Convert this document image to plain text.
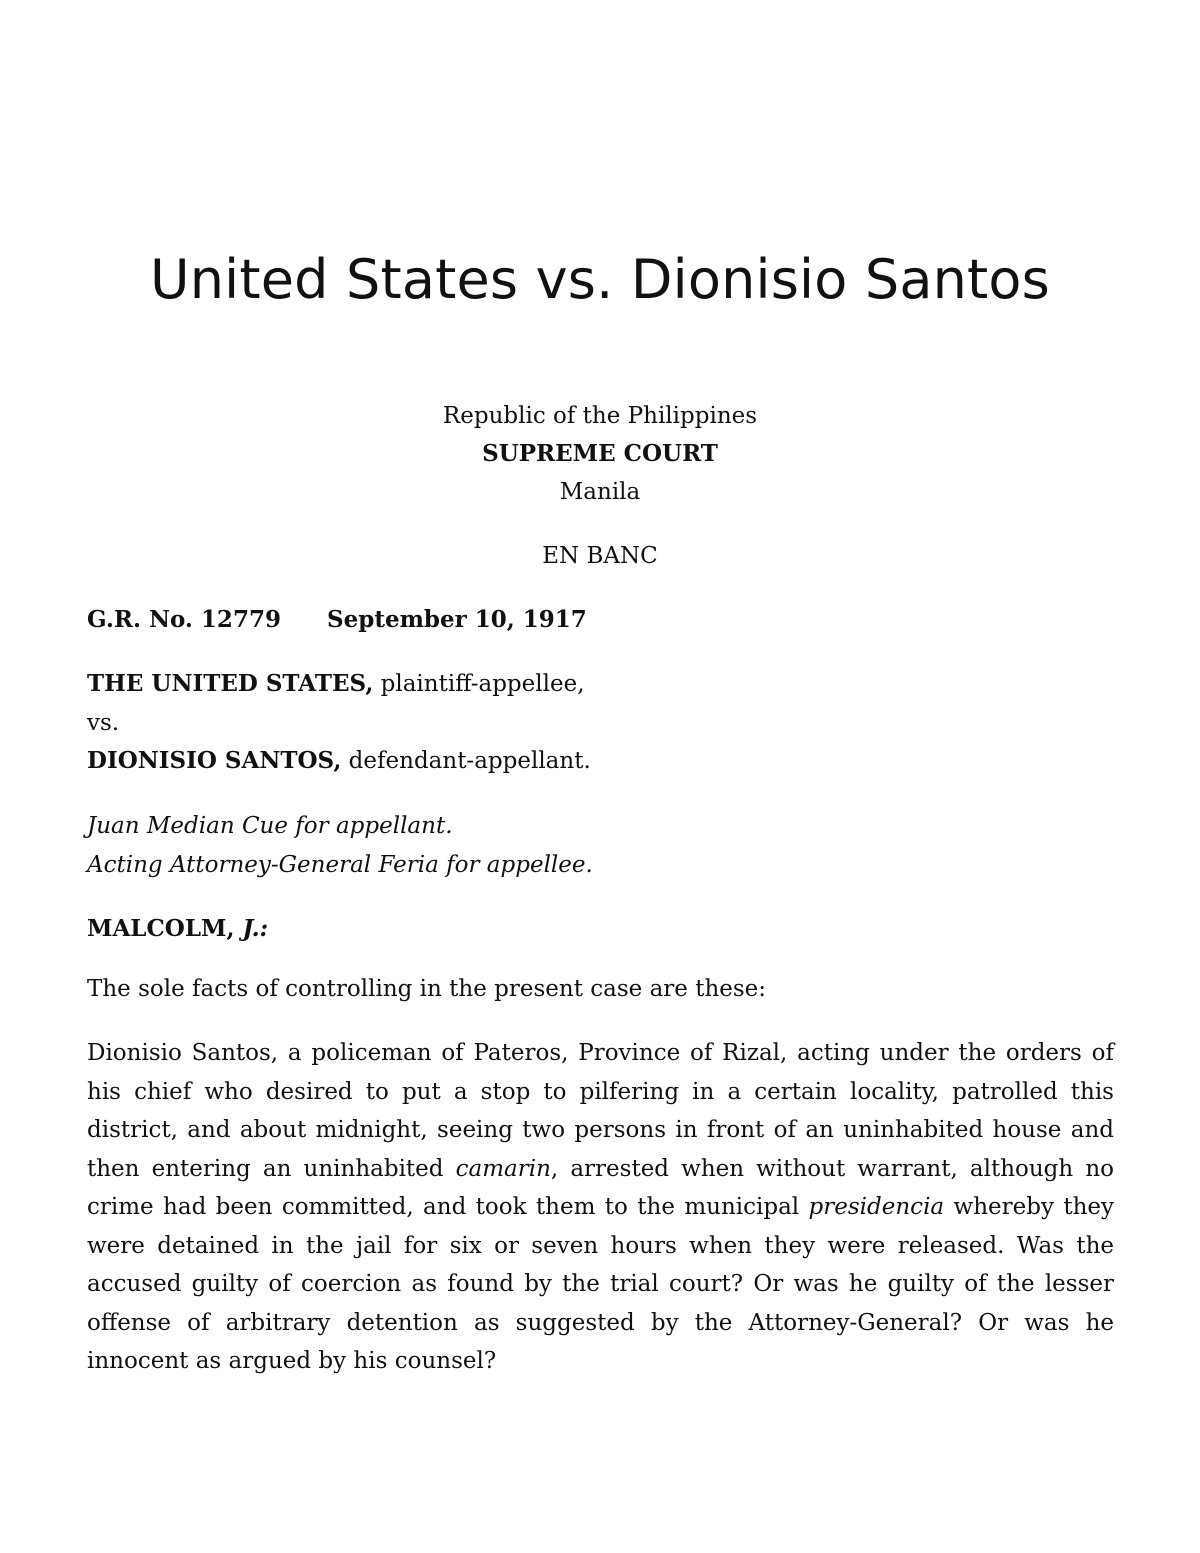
United States vs. Dionisio Santos
Republic of the Philippines
SUPREME COURT
Manila
EN BANC
G.R. No. 12779 September 10, 1917
THE UNITED STATES, plaintiff-appellee,
vs.
DIONISIO SANTOS, defendant-appellant.
Juan Median Cue for appellant.
Acting Attorney-General Feria for appellee.
MALCOLM, J.:

The sole facts of controlling in the present case are these:

Dionisio Santos, a policeman of Pateros, Province of Rizal, acting under the orders of his chief who desired to put a stop to pilfering in a certain locality, patrolled this district, and about midnight, seeing two persons in front of an uninhabited house and then entering an uninhabited camarin, arrested when without warrant, although no crime had been committed, and took them to the municipal presidencia whereby they were detained in the jail for six or seven hours when they were released. Was the accused guilty of coercion as found by the trial court? Or was he guilty of the lesser offense of arbitrary detention as suggested by the Attorney-General? Or was he innocent as argued by his counsel?
